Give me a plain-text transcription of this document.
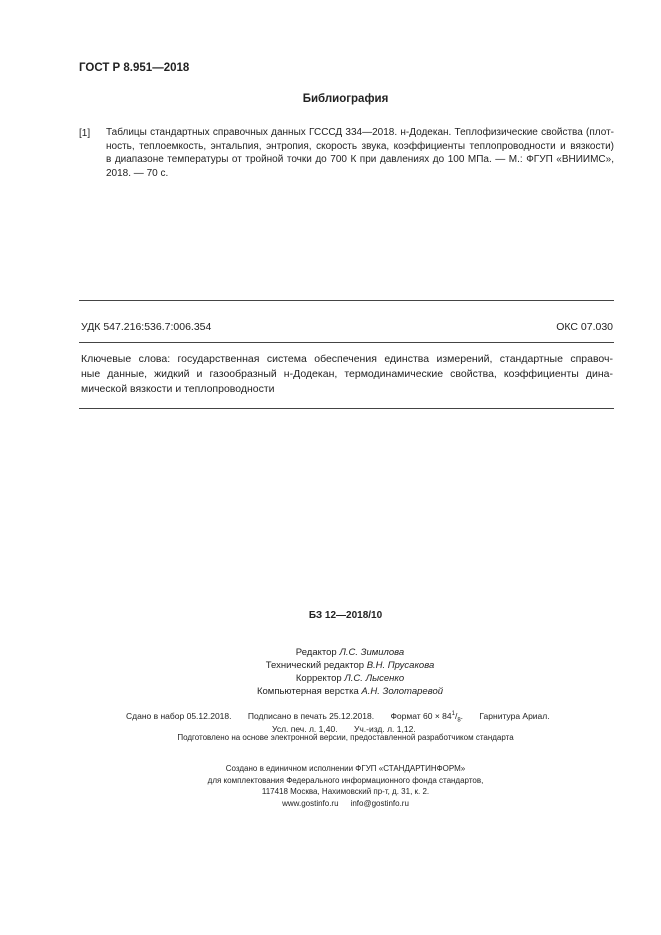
ГОСТ Р 8.951—2018
Библиография
[1] Таблицы стандартных справочных данных ГСССД 334—2018. н-Додекан. Теплофизические свойства (плот-
ность, теплоемкость, энтальпия, энтропия, скорость звука, коэффициенты теплопроводности и вязкости)
в диапазоне температуры от тройной точки до 700 К при давлениях до 100 МПа. — М.: ФГУП «ВНИИМС»,
2018. — 70 с.
УДК 547.216:536.7:006.354	ОКС 07.030
Ключевые слова: государственная система обеспечения единства измерений, стандартные справоч-
ные данные, жидкий и газообразный н-Додекан, термодинамические свойства, коэффициенты дина-
мической вязкости и теплопроводности
БЗ 12—2018/10
Редактор Л.С. Зимилова
Технический редактор В.Н. Прусакова
Корректор Л.С. Лысенко
Компьютерная верстка А.Н. Золотаревой
Сдано в набор 05.12.2018. Подписано в печать 25.12.2018. Формат $60 \times 84^1/_8$. Гарнитура Ариал.
Усл. печ. л. 1,40. Уч.-изд. л. 1,12.
Подготовлено на основе электронной версии, предоставленной разработчиком стандарта
Создано в единичном исполнении ФГУП «СТАНДАРТИНФОРМ»
для комплектования Федерального информационного фонда стандартов,
117418 Москва, Нахимовский пр-т, д. 31, к. 2.
www.gostinfo.ru info@gostinfo.ru
